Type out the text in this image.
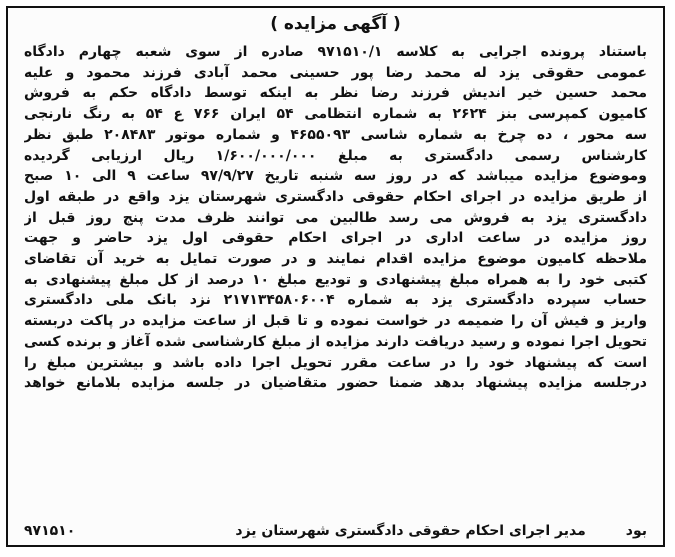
( آگهی مزایده )
باستناد پرونده اجرایی به کلاسه ۹۷۱۵۱۰/۱ صادره از سوی شعبه چهارم دادگاه
عمومی حقوقی یزد له محمد رضا پور حسینی محمد آبادی فرزند محمود و علیه
محمد حسین خیر اندیش فرزند رضا نظر به اینکه توسط دادگاه حکم به فروش
کامیون کمپرسی بنز ۲۶۲۴ به شماره انتظامی ۵۴ ایران ۷۶۶ ع ۵۴ به رنگ نارنجی
سه محور ، ده چرخ به شماره شاسی ۴۶۵۵۰۹۳ و شماره موتور ۲۰۸۴۸۳ طبق نظر
کارشناس رسمی دادگستری به مبلغ ۱/۶۰۰/۰۰۰/۰۰۰ ریال ارزیابی گردیده
وموضوع مزایده میباشد که در روز سه شنبه تاریخ ۹۷/۹/۲۷ ساعت ۹ الی ۱۰ صبح
از طریق مزایده در اجرای احکام حقوقی دادگستری شهرستان یزد واقع در طبقه اول
دادگستری یزد به فروش می رسد طالبین می توانند ظرف مدت پنج روز قبل از
روز مزایده در ساعت اداری در اجرای احکام حقوقی اول یزد حاضر و جهت
ملاحظه کامیون موضوع مزایده اقدام نمایند و در صورت تمایل به خرید آن تقاضای
کتبی خود را به همراه مبلغ پیشنهادی و تودیع مبلغ ۱۰ درصد از کل مبلغ پیشنهادی به
حساب سپرده دادگستری یزد به شماره ۲۱۷۱۳۴۵۸۰۶۰۰۴ نزد بانک ملی دادگستری
واریز و فیش آن را ضمیمه در خواست نموده و تا قبل از ساعت مزایده در پاکت دربسته
تحویل اجرا نموده و رسید دریافت دارند مزایده از مبلغ کارشناسی شده آغاز و برنده کسی
است که پیشنهاد خود را در ساعت مقرر تحویل اجرا داده باشد و بیشترین مبلغ را
درجلسه مزایده پیشنهاد بدهد ضمنا حضور متقاضیان در جلسه مزایده بلامانع خواهد
بود
مدیر اجرای احکام حقوقی دادگستری شهرستان یزد
۹۷۱۵۱۰
